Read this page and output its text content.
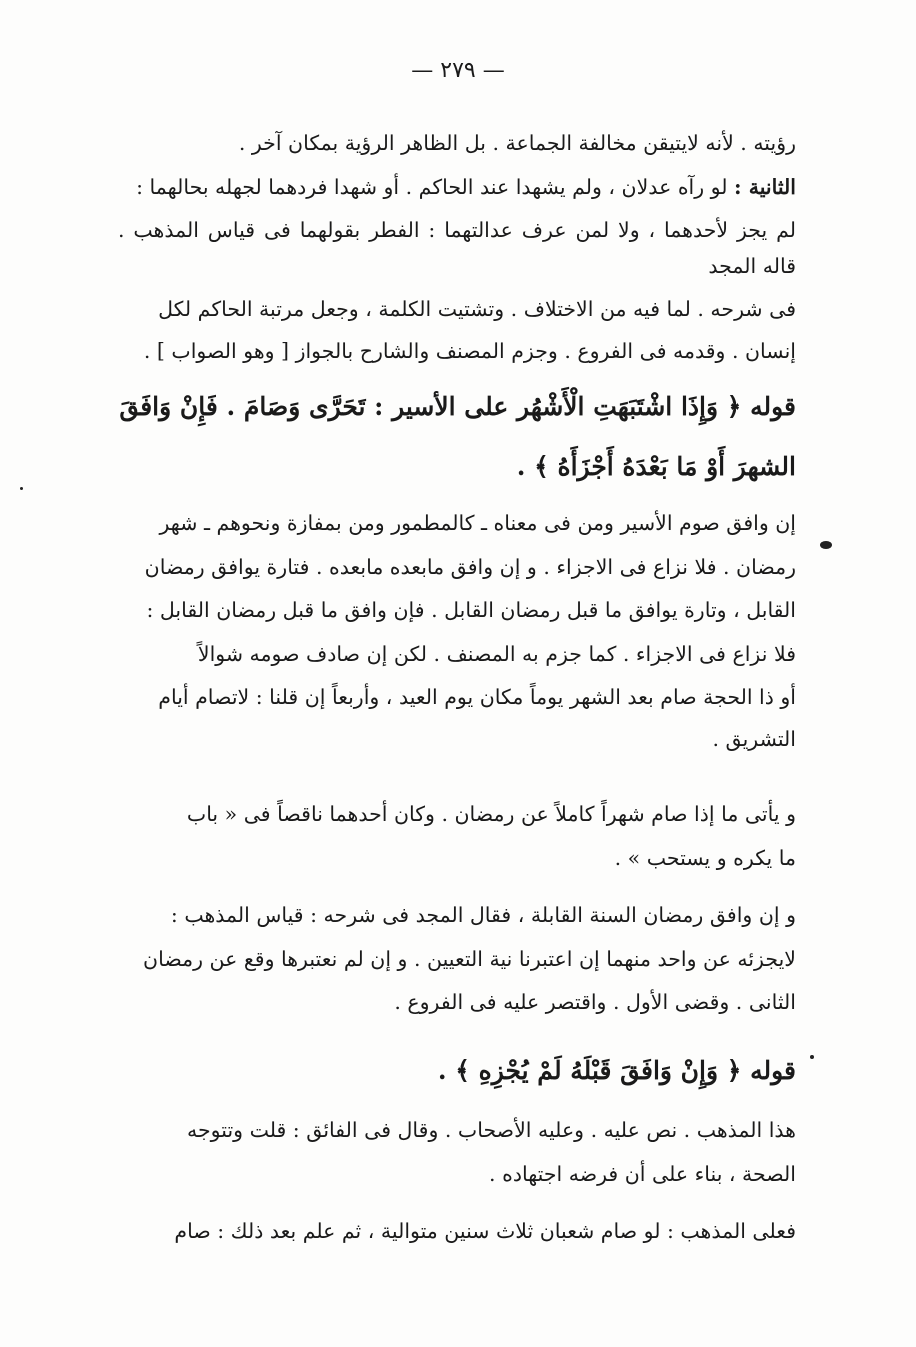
— ٢٧٩ —

رؤيته . لأنه لايتيقن مخالفة الجماعة . بل الظاهر الرؤية بمكان آخر .

الثانية : لو رآه عدلان ، ولم يشهدا عند الحاكم . أو شهدا فردهما لجهله بحالهما :

لم يجز لأحدهما ، ولا لمن عرف عدالتهما : الفطر بقولهما فى قياس المذهب . قاله المجد

فى شرحه . لما فيه من الاختلاف . وتشتيت الكلمة ، وجعل مرتبة الحاكم لكل

إنسان . وقدمه فى الفروع . وجزم المصنف والشارح بالجواز [ وهو الصواب ] .

قوله ﴿ وَإِذَا اشْتَبَهَتِ الْأَشْهُر على الأسير : تَحَرَّى وَصَامَ . فَإِنْ وَافَقَ

الشهرَ أَوْ مَا بَعْدَهُ أَجْزَأَهُ ﴾ .

إن وافق صوم الأسير ومن فى معناه ـ كالمطمور ومن بمفازة ونحوهم ـ شهر

رمضان . فلا نزاع فى الاجزاء . و إن وافق مابعده مابعده . فتارة يوافق رمضان

القابل ، وتارة يوافق ما قبل رمضان القابل . فإن وافق ما قبل رمضان القابل :

فلا نزاع فى الاجزاء . كما جزم به المصنف . لكن إن صادف صومه شوالاً

أو ذا الحجة صام بعد الشهر يوماً مكان يوم العيد ، وأربعاً إن قلنا : لاتصام أيام

التشريق .

و يأتى ما إذا صام شهراً كاملاً عن رمضان . وكان أحدهما ناقصاً فى « باب

ما يكره و يستحب » .

و إن وافق رمضان السنة القابلة ، فقال المجد فى شرحه : قياس المذهب :

لايجزئه عن واحد منهما إن اعتبرنا نية التعيين . و إن لم نعتبرها وقع عن رمضان

الثانى . وقضى الأول . واقتصر عليه فى الفروع .

قوله ﴿ وَإِنْ وَافَقَ قَبْلَهُ لَمْ يُجْزِهِ ﴾ .

هذا المذهب . نص عليه . وعليه الأصحاب . وقال فى الفائق : قلت وتتوجه

الصحة ، بناء على أن فرضه اجتهاده .

فعلى المذهب : لو صام شعبان ثلاث سنين متوالية ، ثم علم بعد ذلك : صام
